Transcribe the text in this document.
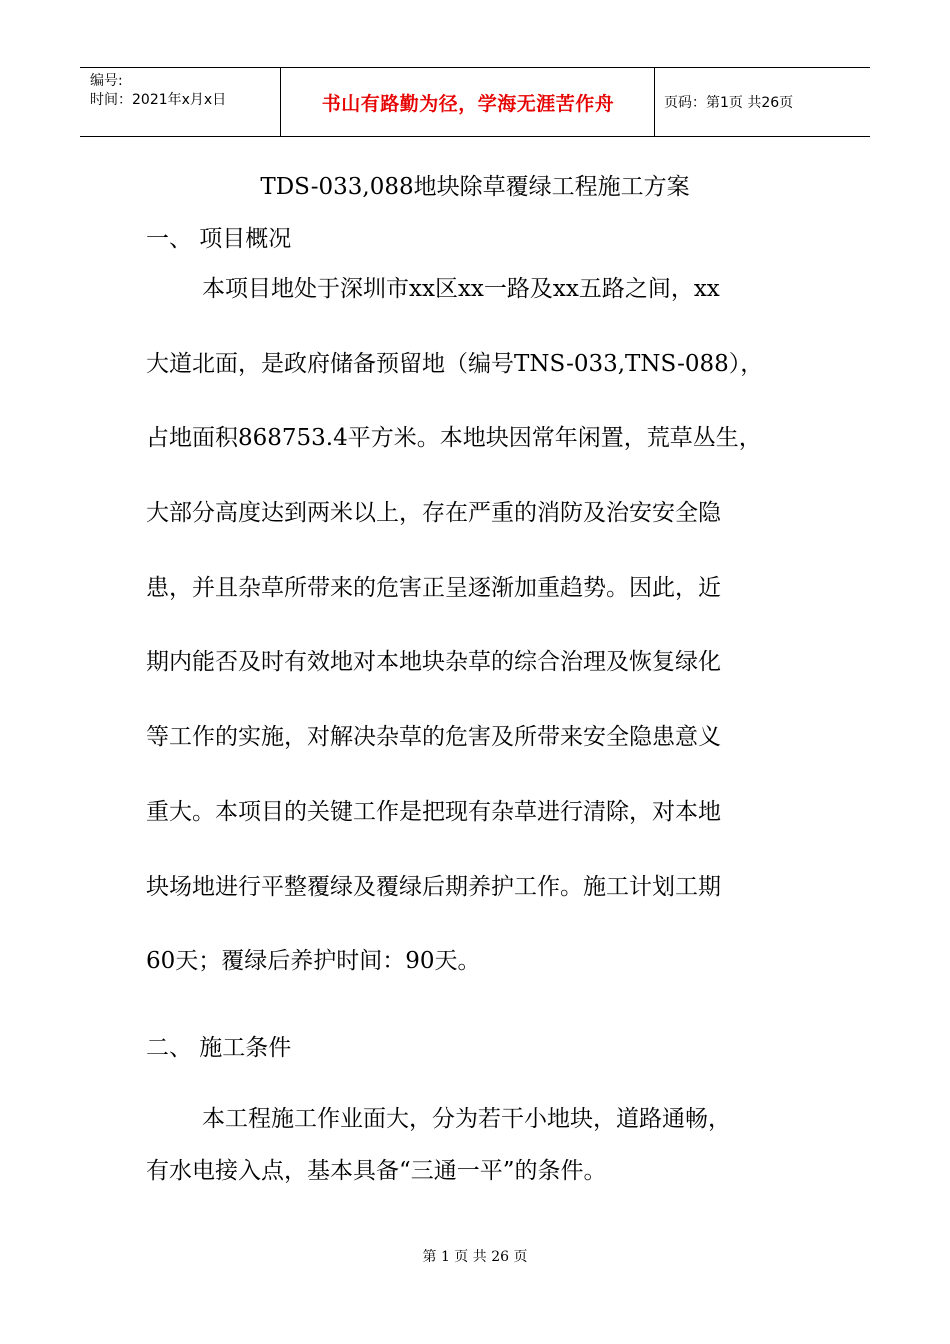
编号:
时间：2021年x月x日	书山有路勤为径，学海无涯苦作舟	页码：第1页 共26页
TDS-033,088地块除草覆绿工程施工方案
一、 项目概况
本项目地处于深圳市xx区xx一路及xx五路之间，xx
大道北面，是政府储备预留地（编号TNS-033,TNS-088），
占地面积868753.4平方米。本地块因常年闲置，荒草丛生，
大部分高度达到两米以上，存在严重的消防及治安安全隐
患，并且杂草所带来的危害正呈逐渐加重趋势。因此，近
期内能否及时有效地对本地块杂草的综合治理及恢复绿化
等工作的实施，对解决杂草的危害及所带来安全隐患意义
重大。本项目的关键工作是把现有杂草进行清除，对本地
块场地进行平整覆绿及覆绿后期养护工作。施工计划工期
60天；覆绿后养护时间：90天。
二、 施工条件
本工程施工作业面大，分为若干小地块，道路通畅，
有水电接入点，基本具备“三通一平”的条件。
第 1 页 共 26 页
